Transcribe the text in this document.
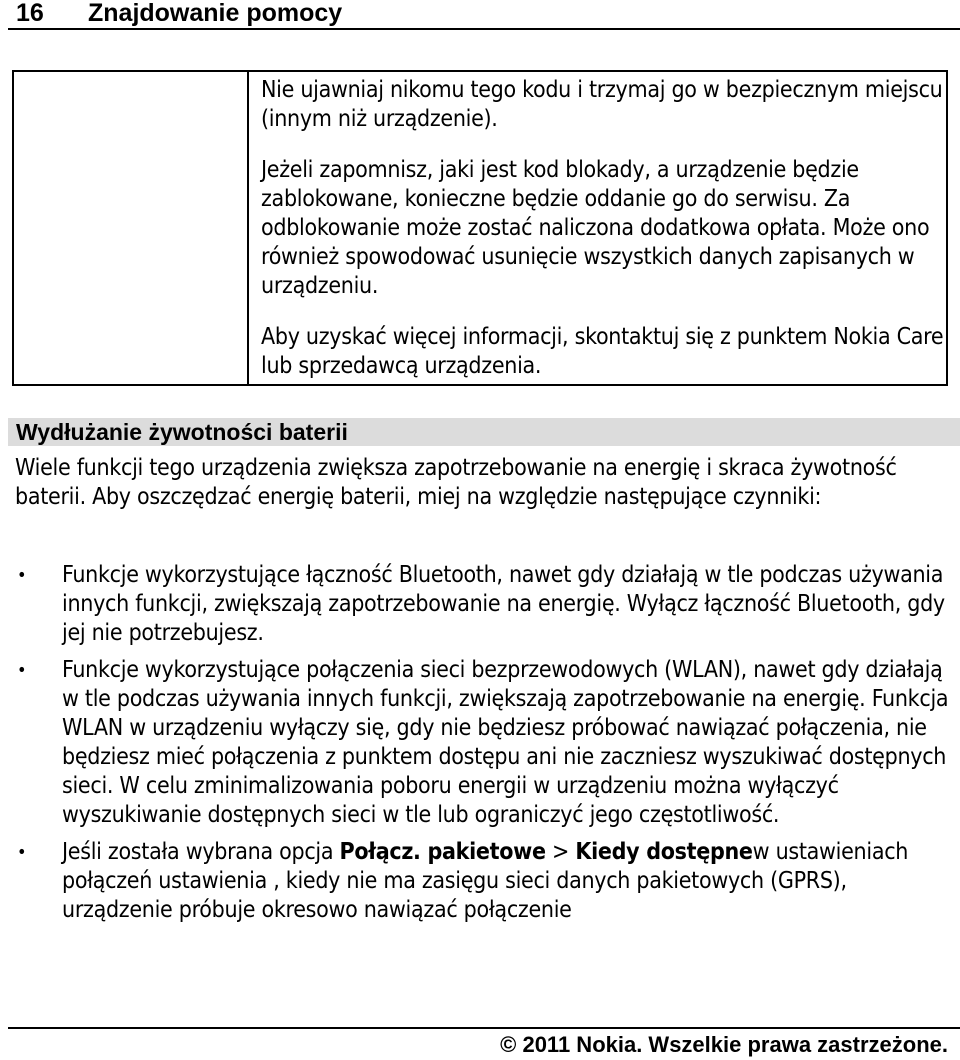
16 Znajdowanie pomocy

Nie ujawniaj nikomu tego kodu i trzymaj go w bezpiecznym miejscu (innym niż urządzenie).

Jeżeli zapomnisz, jaki jest kod blokady, a urządzenie będzie zablokowane, konieczne będzie oddanie go do serwisu. Za odblokowanie może zostać naliczona dodatkowa opłata. Może ono również spowodować usunięcie wszystkich danych zapisanych w urządzeniu.

Aby uzyskać więcej informacji, skontaktuj się z punktem Nokia Care lub sprzedawcą urządzenia.

Wydłużanie żywotności baterii

Wiele funkcji tego urządzenia zwiększa zapotrzebowanie na energię i skraca żywotność baterii. Aby oszczędzać energię baterii, miej na względzie następujące czynniki:

• Funkcje wykorzystujące łączność Bluetooth, nawet gdy działają w tle podczas używania innych funkcji, zwiększają zapotrzebowanie na energię. Wyłącz łączność Bluetooth, gdy jej nie potrzebujesz.
• Funkcje wykorzystujące połączenia sieci bezprzewodowych (WLAN), nawet gdy działają w tle podczas używania innych funkcji, zwiększają zapotrzebowanie na energię. Funkcja WLAN w urządzeniu wyłączy się, gdy nie będziesz próbować nawiązać połączenia, nie będziesz mieć połączenia z punktem dostępu ani nie zaczniesz wyszukiwać dostępnych sieci. W celu zminimalizowania poboru energii w urządzeniu można wyłączyć wyszukiwanie dostępnych sieci w tle lub ograniczyć jego częstotliwość.
• Jeśli została wybrana opcja Połącz. pakietowe > Kiedy dostępnew ustawieniach połączeń ustawienia , kiedy nie ma zasięgu sieci danych pakietowych (GPRS), urządzenie próbuje okresowo nawiązać połączenie
© 2011 Nokia. Wszelkie prawa zastrzeżone.
